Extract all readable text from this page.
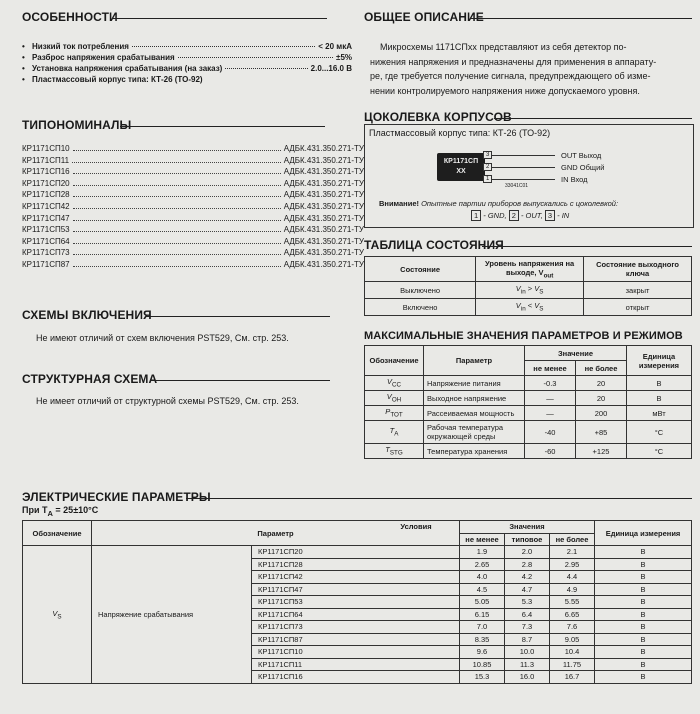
ОСОБЕННОСТИ
• Низкий ток потребления	< 20 мкА
• Разброс напряжения срабатывания	±5%
• Установка напряжения срабатывания (на заказ)	2.0...16.0 В
• Пластмассовый корпус типа: КТ-26 (ТО-92)
ТИПОНОМИНАЛЫ
КР1171СП10	АДБК.431.350.271-ТУ
КР1171СП11	АДБК.431.350.271-ТУ
КР1171СП16	АДБК.431.350.271-ТУ
КР1171СП20	АДБК.431.350.271-ТУ
КР1171СП28	АДБК.431.350.271-ТУ
КР1171СП42	АДБК.431.350.271-ТУ
КР1171СП47	АДБК.431.350.271-ТУ
КР1171СП53	АДБК.431.350.271-ТУ
КР1171СП64	АДБК.431.350.271-ТУ
КР1171СП73	АДБК.431.350.271-ТУ
КР1171СП87	АДБК.431.350.271-ТУ
СХЕМЫ ВКЛЮЧЕНИЯ
Не имеют отличий от схем включения PST529, См. стр. 253.
СТРУКТУРНАЯ СХЕМА
Не имеет отличий от структурной схемы PST529, См. стр. 253.
ОБЩЕЕ ОПИСАНИЕ
Микросхемы 1171СПxx представляют из себя детектор по-
нижения напряжения и предназначены для применения в аппарату-
ре, где требуется получение сигнала, предупреждающего об изме-
нении контролируемого напряжения ниже допускаемого уровня.
ЦОКОЛЕВКА КОРПУСОВ
Пластмассовый корпус типа: КТ-26 (ТО-92)
КР1171СП
XX
3
2
1
OUT Выход
GND Общий
IN Вход
33041C01
Внимание! Опытные партии приборов выпускались с цоколевкой:
1 - GND, 2 - OUT, 3 - IN
ТАБЛИЦА СОСТОЯНИЯ
Состояние	Уровень напряжения на выходе, $V_{out}$	Состояние выходного ключа
Выключено	$V_{in} > V_S$	закрыт
Включено	$V_{in} < V_S$	открыт
МАКСИМАЛЬНЫЕ ЗНАЧЕНИЯ ПАРАМЕТРОВ И РЕЖИМОВ
Обозначение	Параметр	Значение		Единица измерения
		не менее	не более	
$V_{CC}$	Напряжение питания	-0.3	20	В
$V_{OH}$	Выходное напряжение	—	20	В
$P_{TOT}$	Рассеиваемая мощность	—	200	мВт
$T_A$	Рабочая температура окружающей среды	-40	+85	°C
$T_{STG}$	Температура хранения	-60	+125	°C
ЭЛЕКТРИЧЕСКИЕ ПАРАМЕТРЫ
При $T_A = 25\pm 10^\circ C$
Обозначение	Параметр		Значения			Единица измерения
			не менее	типовое	не более	
$V_S$	Напряжение срабатывания	КР1171СП20	1.9	2.0	2.1	В
		КР1171СП28	2.65	2.8	2.95	В
		КР1171СП42	4.0	4.2	4.4	В
		КР1171СП47	4.5	4.7	4.9	В
		КР1171СП53	5.05	5.3	5.55	В
		КР1171СП64	6.15	6.4	6.65	В
		КР1171СП73	7.0	7.3	7.6	В
		КР1171СП87	8.35	8.7	9.05	В
		КР1171СП10	9.6	10.0	10.4	В
		КР1171СП11	10.85	11.3	11.75	В
		КР1171СП16	15.3	16.0	16.7	В
Условия
